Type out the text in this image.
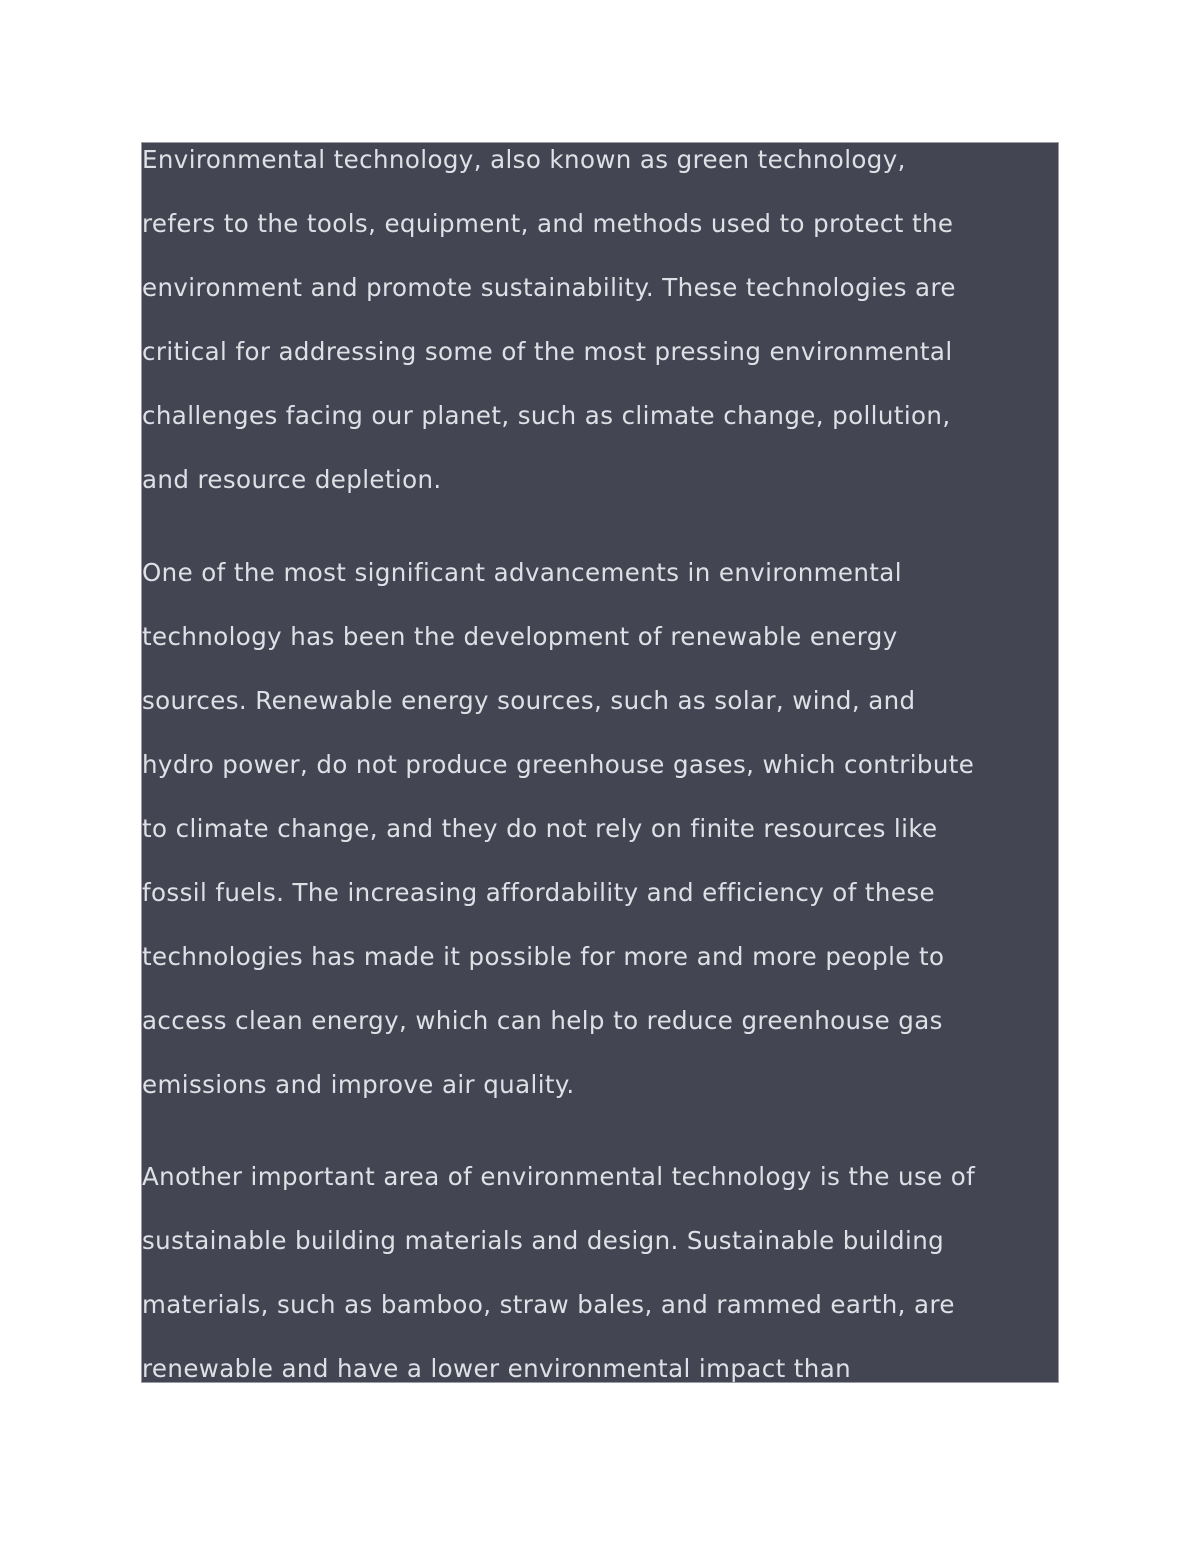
Environmental technology, also known as green technology,
refers to the tools, equipment, and methods used to protect the
environment and promote sustainability. These technologies are
critical for addressing some of the most pressing environmental
challenges facing our planet, such as climate change, pollution,
and resource depletion.
One of the most significant advancements in environmental
technology has been the development of renewable energy
sources. Renewable energy sources, such as solar, wind, and
hydro power, do not produce greenhouse gases, which contribute
to climate change, and they do not rely on finite resources like
fossil fuels. The increasing affordability and efficiency of these
technologies has made it possible for more and more people to
access clean energy, which can help to reduce greenhouse gas
emissions and improve air quality.
Another important area of environmental technology is the use of
sustainable building materials and design. Sustainable building
materials, such as bamboo, straw bales, and rammed earth, are
renewable and have a lower environmental impact than
